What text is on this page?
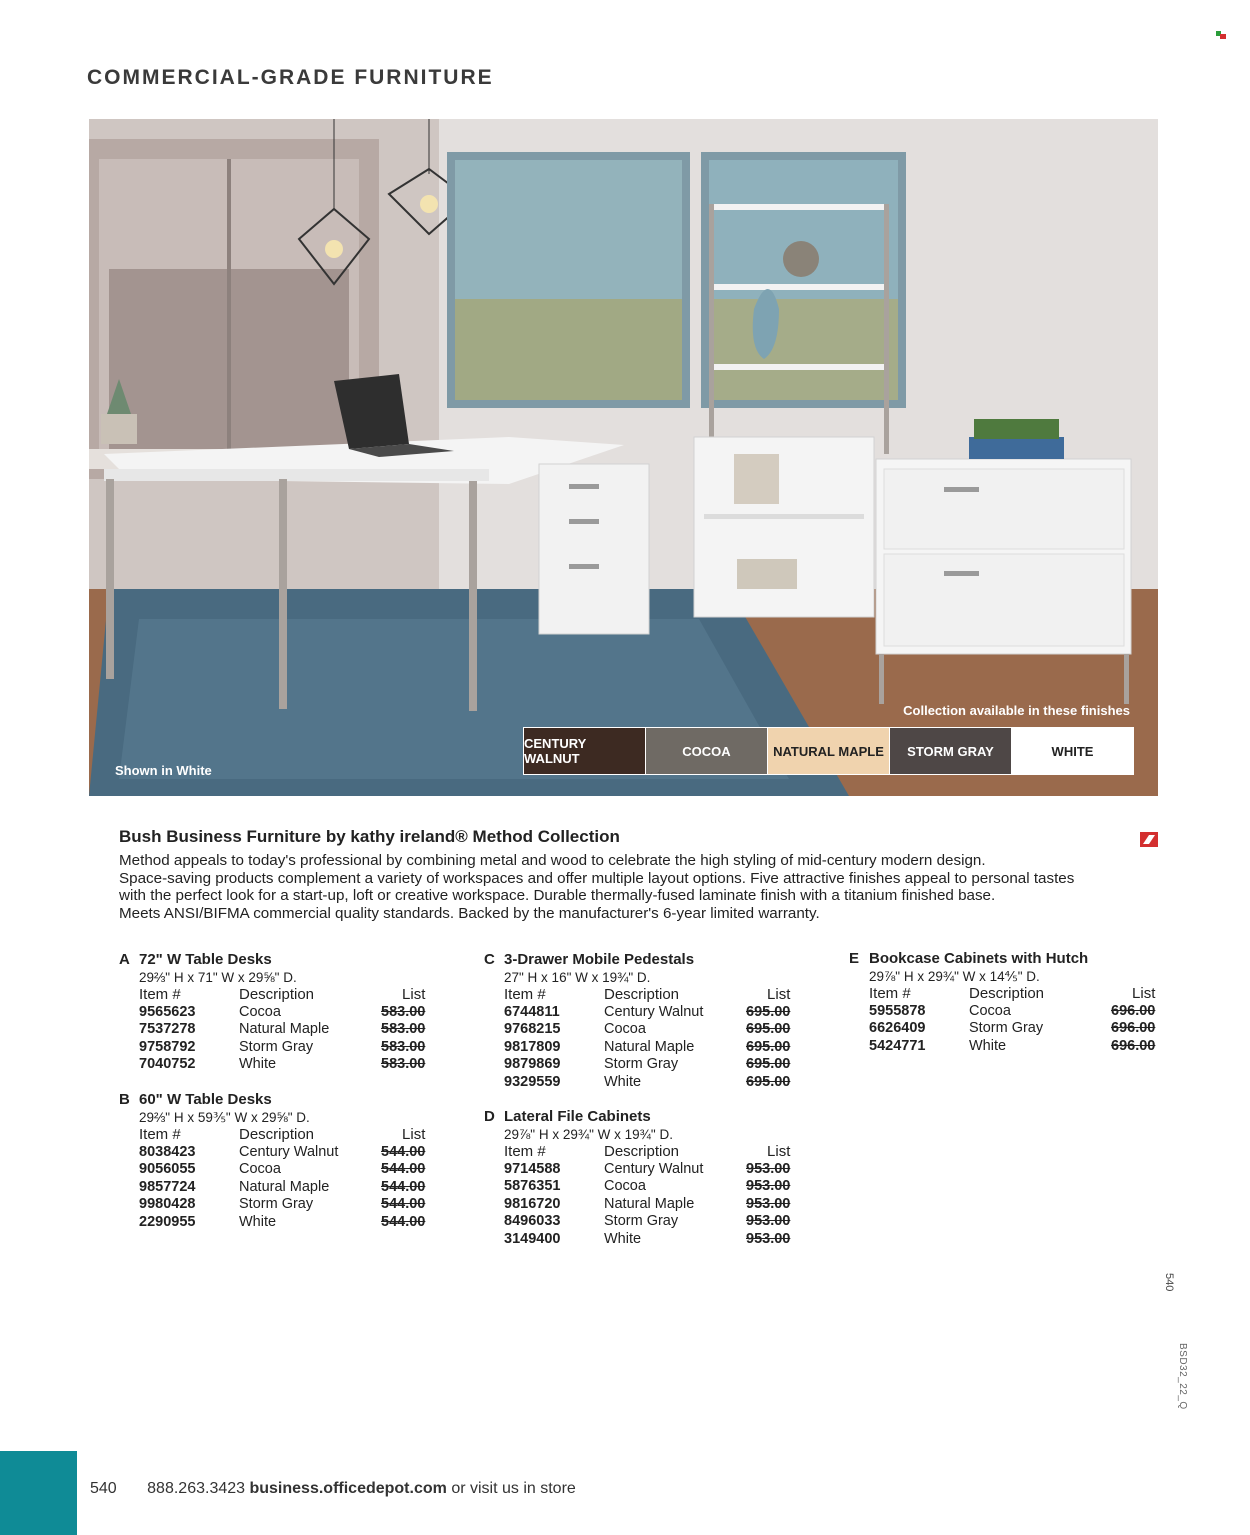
COMMERCIAL-GRADE FURNITURE
Collection available in these finishes
Shown in White
CENTURY WALNUT	COCOA	NATURAL MAPLE	STORM GRAY	WHITE
Bush Business Furniture by kathy ireland® Method Collection
Method appeals to today's professional by combining metal and wood to celebrate the high styling of mid-century modern design.
Space-saving products complement a variety of workspaces and offer multiple layout options. Five attractive finishes appeal to personal tastes
with the perfect look for a start-up, loft or creative workspace. Durable thermally-fused laminate finish with a titanium finished base.
Meets ANSI/BIFMA commercial quality standards. Backed by the manufacturer's 6-year limited warranty.
A 72" W Table Desks
29⅔" H x 71" W x 29⅝" D.
Item #	Description	List
9565623	Cocoa	583.00
7537278	Natural Maple	583.00
9758792	Storm Gray	583.00
7040752	White	583.00
B 60" W Table Desks
29⅔" H x 59⅗" W x 29⅝" D.
Item #	Description	List
8038423	Century Walnut	544.00
9056055	Cocoa	544.00
9857724	Natural Maple	544.00
9980428	Storm Gray	544.00
2290955	White	544.00
C 3-Drawer Mobile Pedestals
27" H x 16" W x 19¾" D.
Item #	Description	List
6744811	Century Walnut	695.00
9768215	Cocoa	695.00
9817809	Natural Maple	695.00
9879869	Storm Gray	695.00
9329559	White	695.00
D Lateral File Cabinets
29⅞" H x 29¾" W x 19¾" D.
Item #	Description	List
9714588	Century Walnut	953.00
5876351	Cocoa	953.00
9816720	Natural Maple	953.00
8496033	Storm Gray	953.00
3149400	White	953.00
E Bookcase Cabinets with Hutch
29⅞" H x 29¾" W x 14⅘" D.
Item #	Description	List
5955878	Cocoa	696.00
6626409	Storm Gray	696.00
5424771	White	696.00
540
BSD32_22_Q
540 888.263.3423 business.officedepot.com or visit us in store
